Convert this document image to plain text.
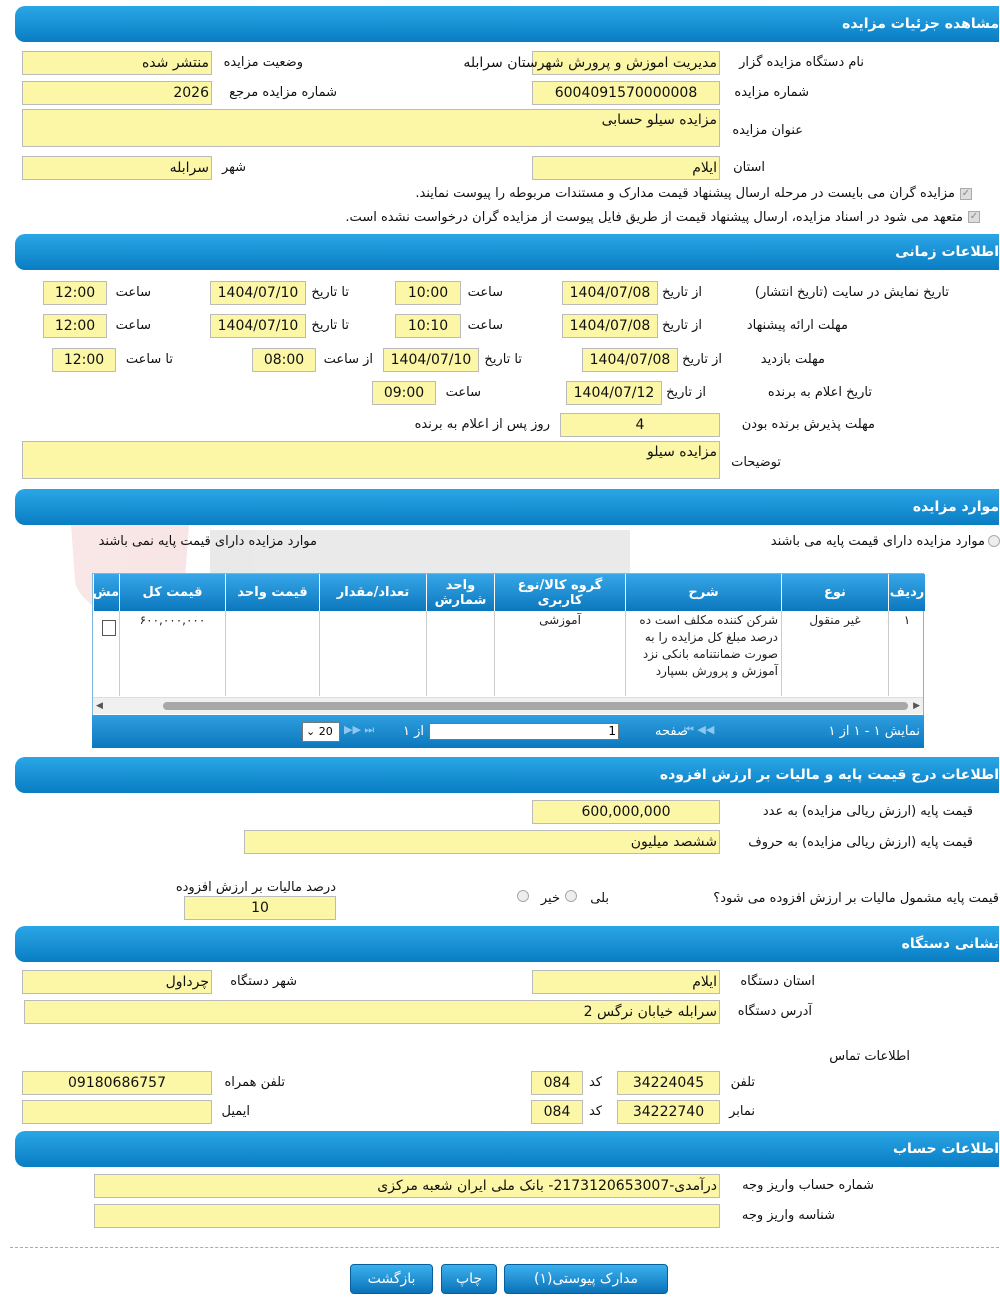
مشاهده جزئیات مزایده
نام دستگاه مزایده گزار
مدیریت اموزش و پرورش شهرستان سرابله
وضعیت مزایده
منتشر شده
شماره مزایده
6004091570000008
شماره مزایده مرجع
2026
عنوان مزایده
مزایده سیلو حسابی
استان
ایلام
شهر
سرابله
✓
مزایده گران می بایست در مرحله ارسال پیشنهاد قیمت مدارک و مستندات مربوطه را پیوست نمایند.
✓
متعهد می شود در اسناد مزایده، ارسال پیشنهاد قیمت از طریق فایل پیوست از مزایده گران درخواست نشده است.
اطلاعات زمانی
تاریخ نمایش در سایت (تاریخ انتشار)
از تاریخ
1404/07/08
ساعت
10:00
تا تاریخ
1404/07/10
ساعت
12:00
مهلت ارائه پیشنهاد
از تاریخ
1404/07/08
ساعت
10:10
تا تاریخ
1404/07/10
ساعت
12:00
مهلت بازدید
از تاریخ
1404/07/08
تا تاریخ
1404/07/10
از ساعت
08:00
تا ساعت
12:00
تاریخ اعلام به برنده
از تاریخ
1404/07/12
ساعت
09:00
مهلت پذیرش برنده بودن
4
روز پس از اعلام به برنده
توضیحات
مزایده سیلو
موارد مزایده
موارد مزایده دارای قیمت پایه می باشند
موارد مزایده دارای قیمت پایه نمی باشند
ردیف
نوع
شرح
گروه کالا/نوع کاربری
واحد شمارش
تعداد/مقدار
قیمت واحد
قیمت کل
مش
۱
غیر منقول
شرکن کننده مکلف است ده درصد مبلغ کل مزایده را به صورت ضمانتنامه بانکی نزد آموزش و پرورش بسپارد
آموزشی
۶۰۰,۰۰۰,۰۰۰
◀	▶
نمایش ۱ - ۱ از ۱
⏮ ◀◀
صفحه
1
از ۱
▶▶ ⏭
⌄ 20
اطلاعات درج قیمت پایه و مالیات بر ارزش افزوده
قیمت پایه (ارزش ریالی مزایده) به عدد
600,000,000
قیمت پایه (ارزش ریالی مزایده) به حروف
ششصد میلیون
قیمت پایه مشمول مالیات بر ارزش افزوده می شود؟
بلی
خیر
درصد مالیات بر ارزش افزوده
10
نشانی دستگاه
استان دستگاه
ایلام
شهر دستگاه
چرداول
آدرس دستگاه
سرابله خیابان نرگس 2
اطلاعات تماس
تلفن
34224045
کد
084
تلفن همراه
09180686757
نمابر
34222740
کد
084
ایمیل
اطلاعات حساب
شماره حساب واریز وجه
درآمدی-2173120653007- بانک ملی ایران شعبه مرکزی
شناسه واریز وجه
مدارک پیوستی(۱)
چاپ
بازگشت
